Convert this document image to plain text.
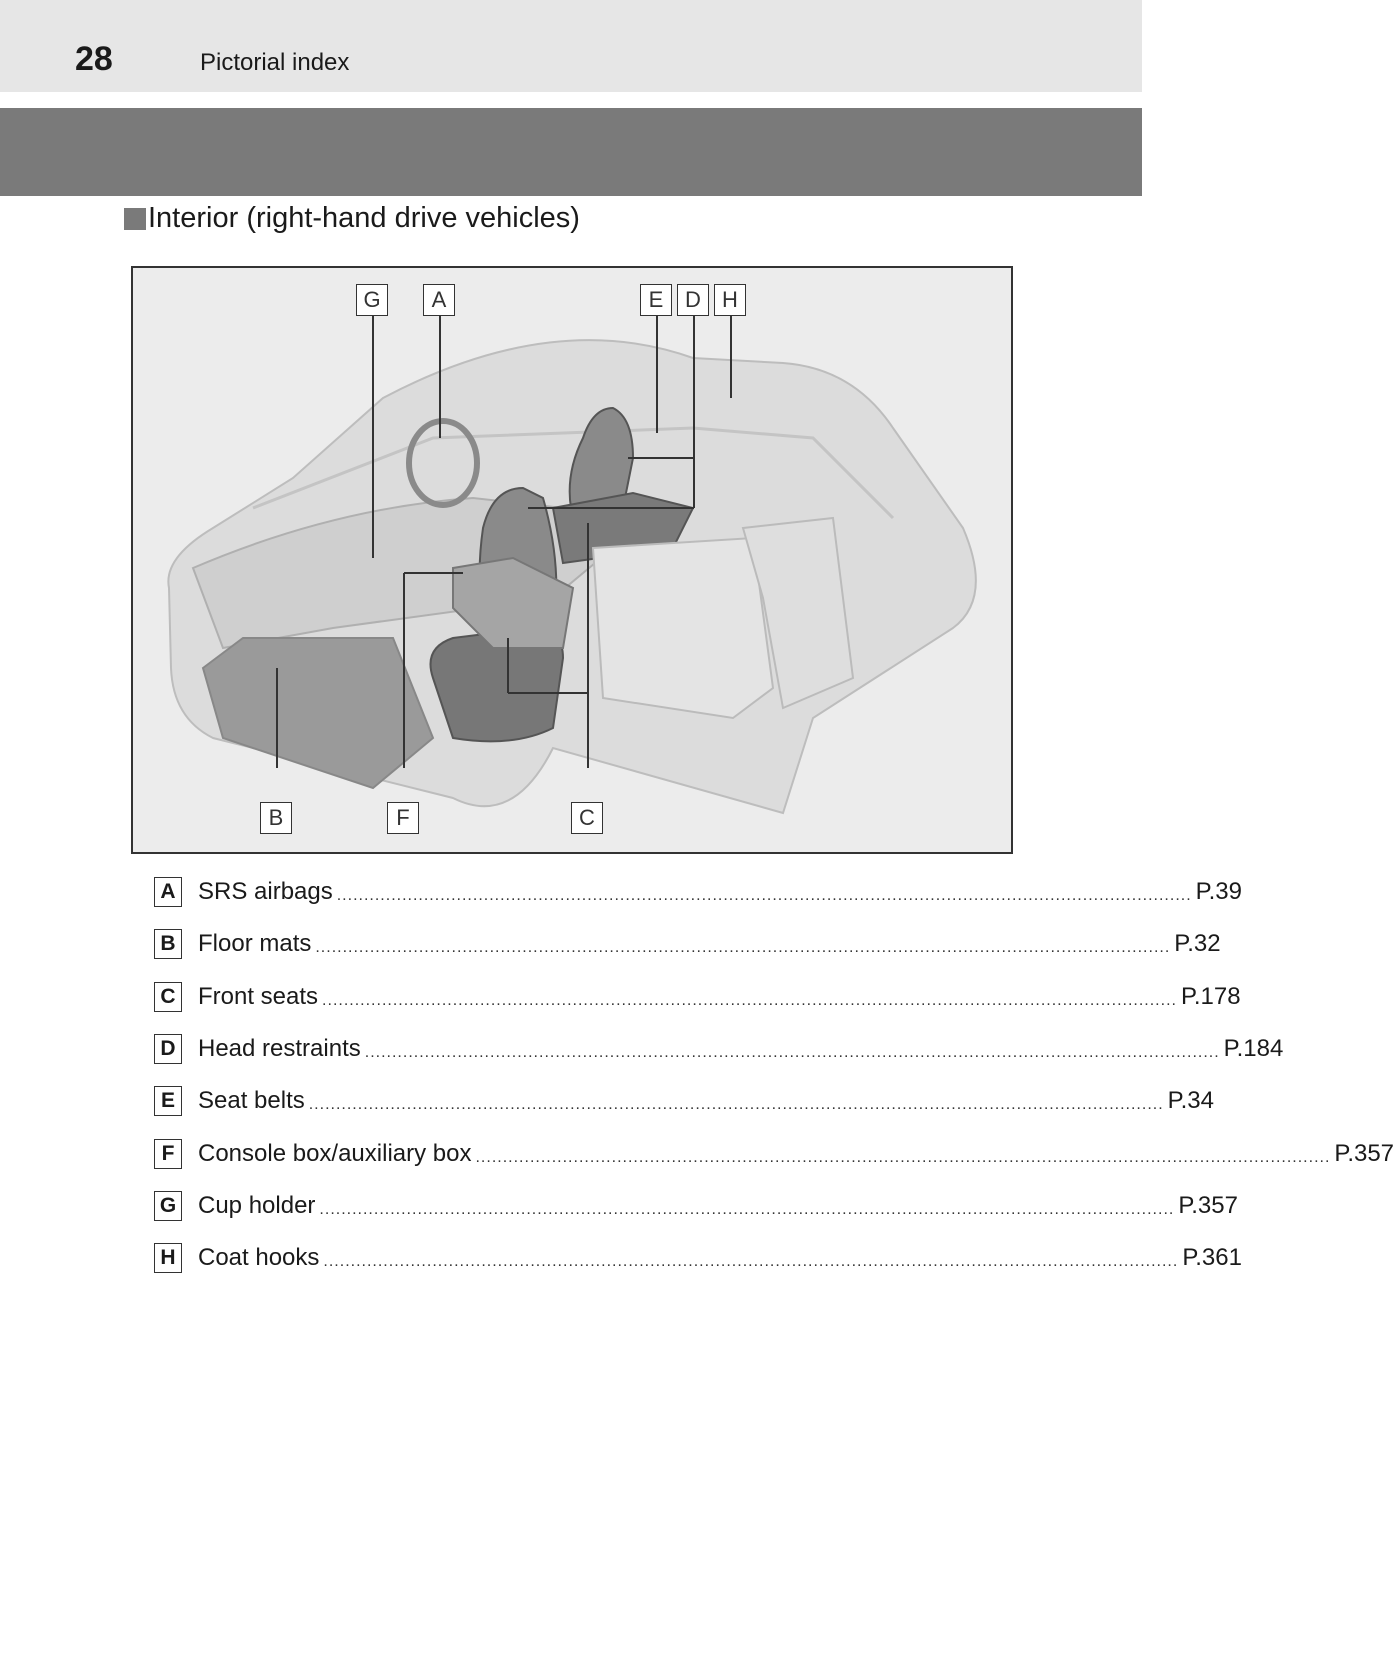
28	Pictorial index
Interior (right-hand drive vehicles)
G	A	E D H
B	F	C
A SRS airbags ............................................................................................................................................................. P.39
B Floor mats ............................................................................................................................................................. P.32
C Front seats ............................................................................................................................................................. P.178
D Head restraints ............................................................................................................................................................. P.184
E Seat belts ............................................................................................................................................................. P.34
F Console box/auxiliary box ............................................................................................................................................................. P.357
G Cup holder ............................................................................................................................................................. P.357
H Coat hooks ............................................................................................................................................................. P.361
